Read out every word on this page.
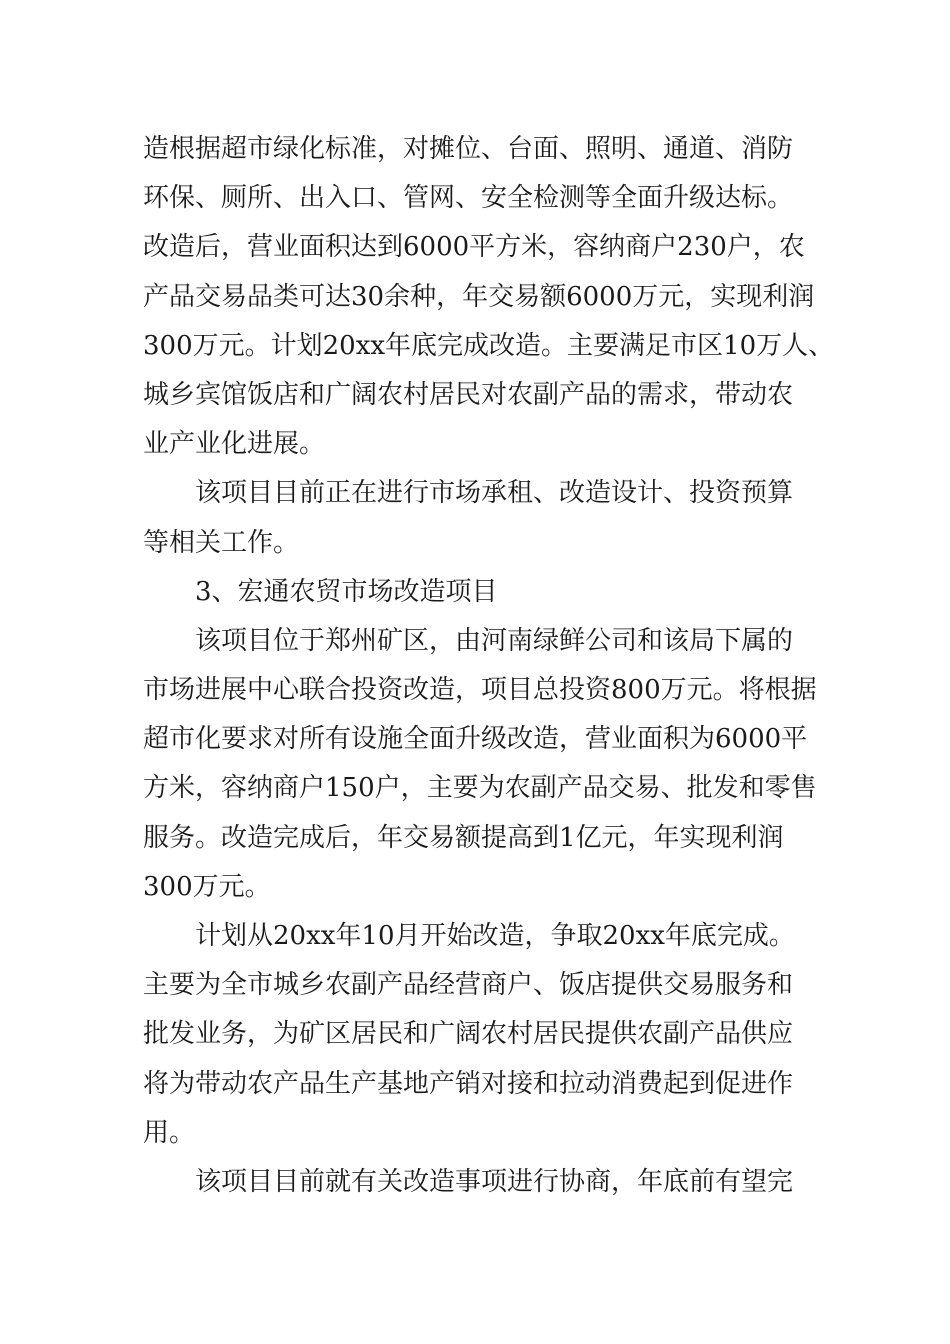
造根据超市绿化标准，对摊位、台面、照明、通道、消防
环保、厕所、出入口、管网、安全检测等全面升级达标。
改造后，营业面积达到6000平方米，容纳商户230户，农
产品交易品类可达30余种，年交易额6000万元，实现利润
300万元。计划20xx年底完成改造。主要满足市区10万人、
城乡宾馆饭店和广阔农村居民对农副产品的需求，带动农
业产业化进展。
该项目目前正在进行市场承租、改造设计、投资预算
等相关工作。
3、宏通农贸市场改造项目
该项目位于郑州矿区，由河南绿鲜公司和该局下属的
市场进展中心联合投资改造，项目总投资800万元。将根据
超市化要求对所有设施全面升级改造，营业面积为6000平
方米，容纳商户150户，主要为农副产品交易、批发和零售
服务。改造完成后，年交易额提高到1亿元，年实现利润
300万元。
计划从20xx年10月开始改造，争取20xx年底完成。
主要为全市城乡农副产品经营商户、饭店提供交易服务和
批发业务，为矿区居民和广阔农村居民提供农副产品供应
将为带动农产品生产基地产销对接和拉动消费起到促进作
用。
该项目目前就有关改造事项进行协商，年底前有望完
